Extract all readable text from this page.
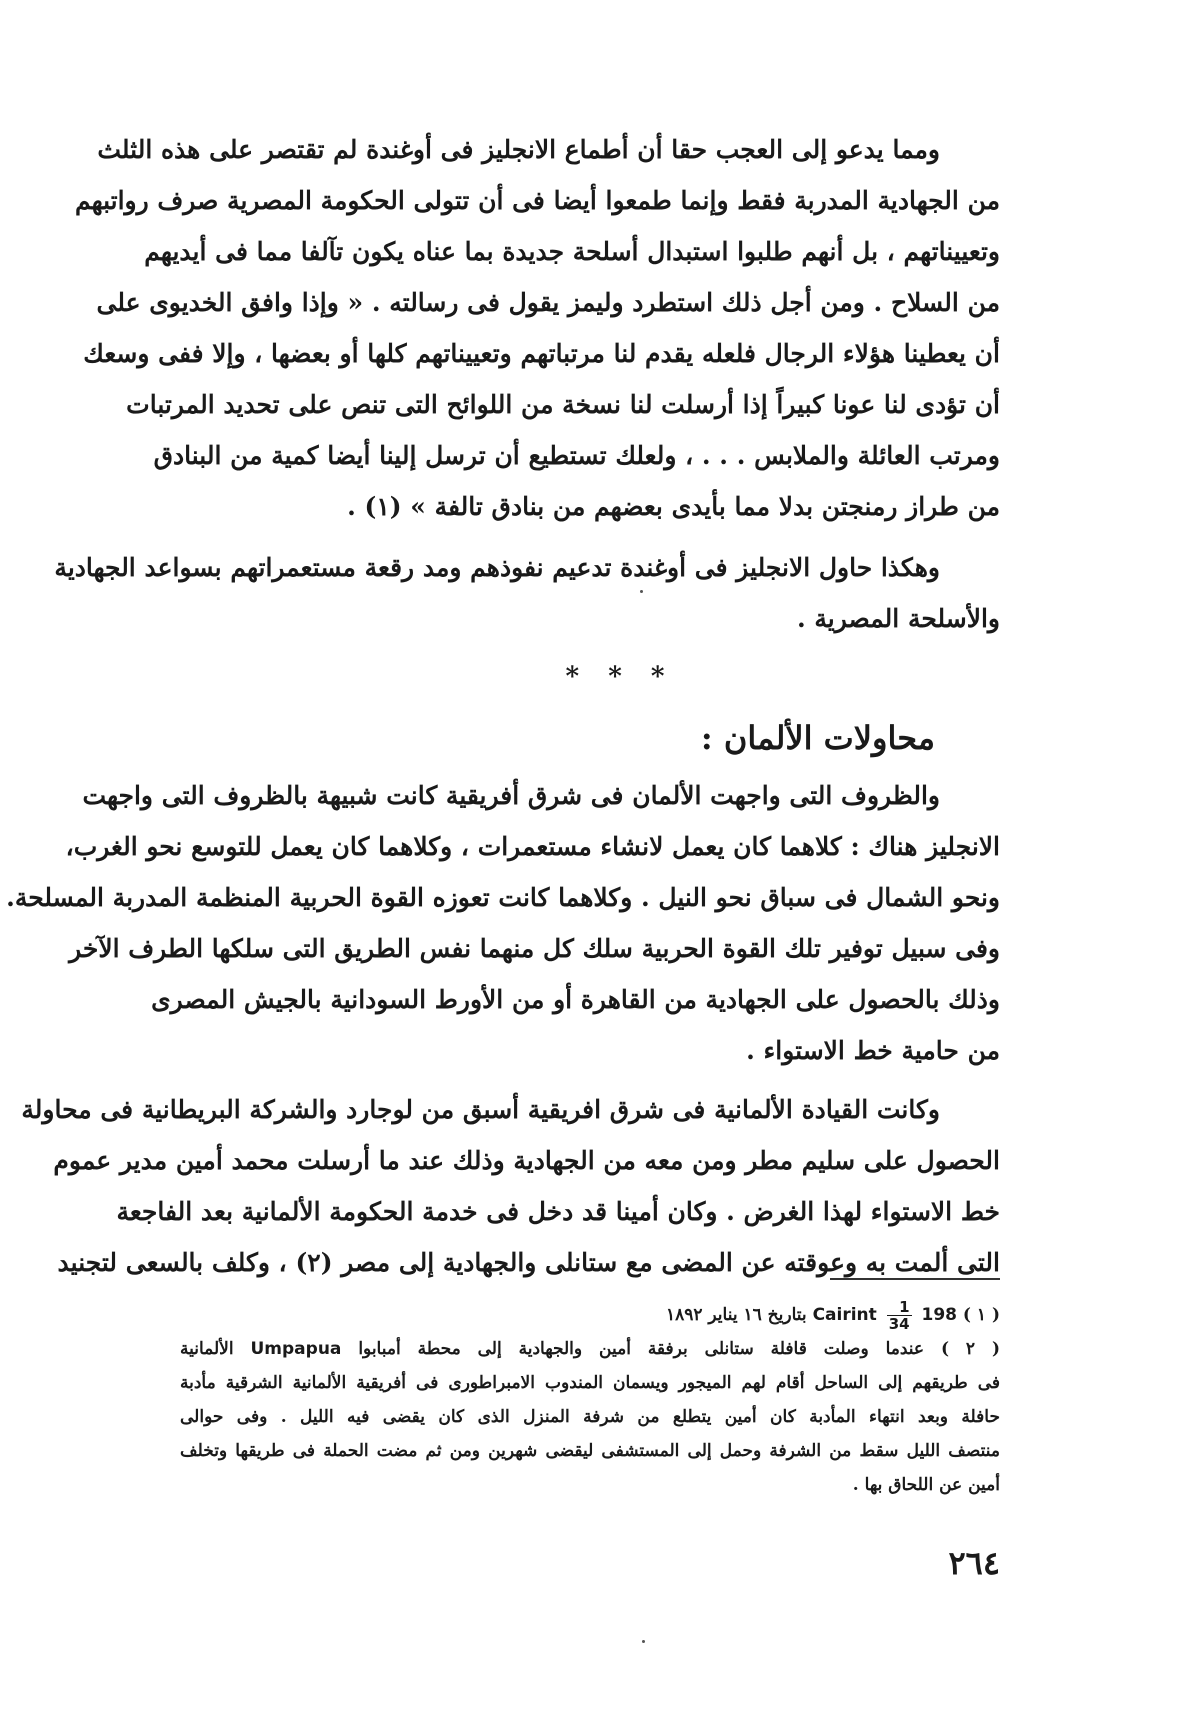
ومما يدعو إلى العجب حقا أن أطماع الانجليز فى أوغندة لم تقتصر على هذه الثلث
من الجهادية المدربة فقط وإنما طمعوا أيضا فى أن تتولى الحكومة المصرية صرف رواتبهم
وتعييناتهم ، بل أنهم طلبوا استبدال أسلحة جديدة بما عناه يكون تآلفا مما فى أيديهم
من السلاح . ومن أجل ذلك استطرد وليمز يقول فى رسالته . « وإذا وافق الخديوى على
أن يعطينا هؤلاء الرجال فلعله يقدم لنا مرتباتهم وتعييناتهم كلها أو بعضها ، وإلا ففى وسعك
أن تؤدى لنا عونا كبيراً إذا أرسلت لنا نسخة من اللوائح التى تنص على تحديد المرتبات
ومرتب العائلة والملابس . . . ، ولعلك تستطيع أن ترسل إلينا أيضا كمية من البنادق
من طراز رمنجتن بدلا مما بأيدى بعضهم من بنادق تالفة » (١) .
وهكذا حاول الانجليز فى أوغندة تدعيم نفوذهم ومد رقعة مستعمراتهم بسواعد الجهادية
والأسلحة المصرية .
* * *
محاولات الألمان :
والظروف التى واجهت الألمان فى شرق أفريقية كانت شبيهة بالظروف التى واجهت
الانجليز هناك : كلاهما كان يعمل لانشاء مستعمرات ، وكلاهما كان يعمل للتوسع نحو الغرب،
ونحو الشمال فى سباق نحو النيل . وكلاهما كانت تعوزه القوة الحربية المنظمة المدربة المسلحة.
وفى سبيل توفير تلك القوة الحربية سلك كل منهما نفس الطريق التى سلكها الطرف الآخر
وذلك بالحصول على الجهادية من القاهرة أو من الأورط السودانية بالجيش المصرى
من حامية خط الاستواء .
وكانت القيادة الألمانية فى شرق افريقية أسبق من لوجارد والشركة البريطانية فى محاولة
الحصول على سليم مطر ومن معه من الجهادية وذلك عند ما أرسلت محمد أمين مدير عموم
خط الاستواء لهذا الغرض . وكان أمينا قد دخل فى خدمة الحكومة الألمانية بعد الفاجعة
التى ألمت به وعوقته عن المضى مع ستانلى والجهادية إلى مصر (٢) ، وكلف بالسعى لتجنيد
( ١ ) 198
$\frac{1}{34}$
Cairint بتاريخ ١٦ يناير ١٨٩٢
( ٢ ) عندما وصلت قافلة ستانلى برفقة أمين والجهادية إلى محطة أمبابوا Umpapua الألمانية
فى طريقهم إلى الساحل أقام لهم الميجور ويسمان المندوب الامبراطورى فى أفريقية الألمانية الشرقية مأدبة
حافلة وبعد انتهاء المأدبة كان أمين يتطلع من شرفة المنزل الذى كان يقضى فيه الليل . وفى حوالى
منتصف الليل سقط من الشرفة وحمل إلى المستشفى ليقضى شهرين ومن ثم مضت الحملة فى طريقها وتخلف
أمين عن اللحاق بها .
٢٦٤
